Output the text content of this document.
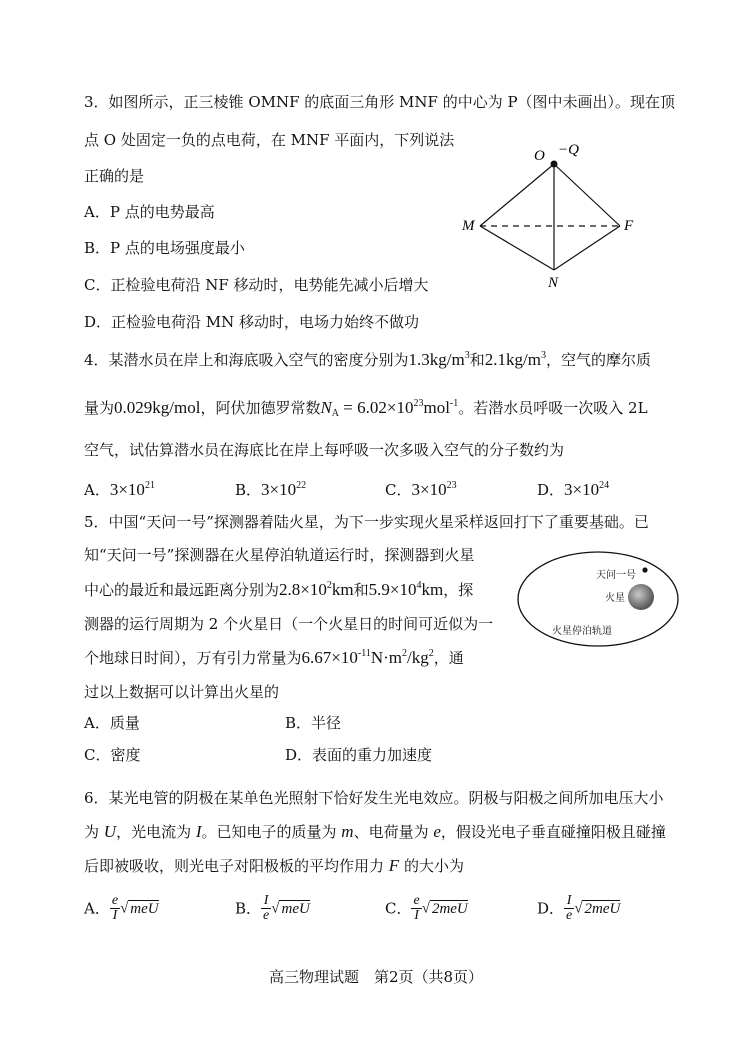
3．如图所示，正三棱锥 OMNF 的底面三角形 MNF 的中心为 P（图中未画出）。现在顶
点 O 处固定一负的点电荷，在 MNF 平面内，下列说法
正确的是
A．P 点的电势最高
B．P 点的电场强度最小
C．正检验电荷沿 NF 移动时，电势能先减小后增大
D．正检验电荷沿 MN 移动时，电场力始终不做功
O −Q
M	F
N
4．某潜水员在岸上和海底吸入空气的密度分别为$1.3kg/m^3$和$2.1kg/m^3$，空气的摩尔质
量为0.029kg/mol，阿伏加德罗常数$N_A = 6.02\times 10^{23}mol^{-1}$。若潜水员呼吸一次吸入 2L
空气，试估算潜水员在海底比在岸上每呼吸一次多吸入空气的分子数约为
A．$3\times 10^{21}$	B．$3\times 10^{22}$	C．$3\times 10^{23}$	D．$3\times 10^{24}$
5．中国“天问一号”探测器着陆火星，为下一步实现火星采样返回打下了重要基础。已
知“天问一号”探测器在火星停泊轨道运行时，探测器到火星
中心的最近和最远距离分别为$2.8\times 10^2km$和$5.9\times 10^4km$，探
测器的运行周期为 2 个火星日（一个火星日的时间可近似为一
个地球日时间），万有引力常量为$6.67\times 10^{-11}N\cdot m^2/kg^2$，通
过以上数据可以计算出火星的
A．质量	B．半径
C．密度	D．表面的重力加速度
天问一号
火星
火星停泊轨道
6．某光电管的阴极在某单色光照射下恰好发生光电效应。阴极与阳极之间所加电压大小
为 U，光电流为 I。已知电子的质量为 m、电荷量为 e，假设光电子垂直碰撞阳极且碰撞
后即被吸收，则光电子对阳极板的平均作用力 F 的大小为
A． $\frac{e}{I}$ √ meU	B． $\frac{I}{e}$ √ meU	C． $\frac{e}{I}$ √ 2meU	D． $\frac{I}{e}$ √ 2meU
高三物理试题　第2页（共8页）
